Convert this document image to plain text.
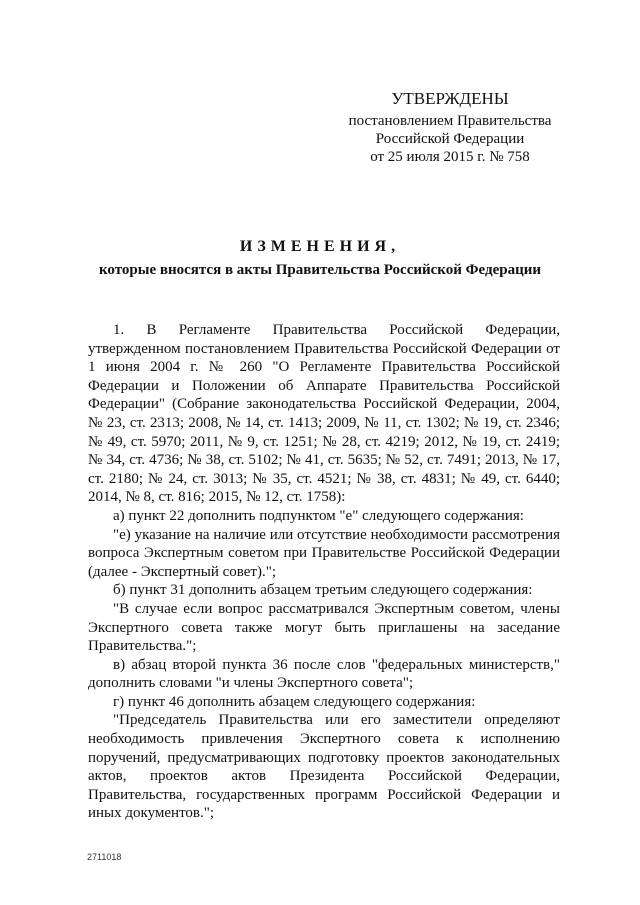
УТВЕРЖДЕНЫ
постановлением Правительства
Российской Федерации
от 25 июля 2015 г. № 758
ИЗМЕНЕНИЯ,
которые вносятся в акты Правительства Российской Федерации

1. В Регламенте Правительства Российской Федерации, утвержденном постановлением Правительства Российской Федерации от 1 июня 2004 г. № 260 "О Регламенте Правительства Российской Федерации и Положении об Аппарате Правительства Российской Федерации" (Собрание законодательства Российской Федерации, 2004, № 23, ст. 2313; 2008, № 14, ст. 1413; 2009, № 11, ст. 1302; № 19, ст. 2346; № 49, ст. 5970; 2011, № 9, ст. 1251; № 28, ст. 4219; 2012, № 19, ст. 2419; № 34, ст. 4736; № 38, ст. 5102; № 41, ст. 5635; № 52, ст. 7491; 2013, № 17, ст. 2180; № 24, ст. 3013; № 35, ст. 4521; № 38, ст. 4831; № 49, ст. 6440; 2014, № 8, ст. 816; 2015, № 12, ст. 1758):

а) пункт 22 дополнить подпунктом "е" следующего содержания:

"е) указание на наличие или отсутствие необходимости рассмотрения вопроса Экспертным советом при Правительстве Российской Федерации (далее - Экспертный совет).";

б) пункт 31 дополнить абзацем третьим следующего содержания:

"В случае если вопрос рассматривался Экспертным советом, члены Экспертного совета также могут быть приглашены на заседание Правительства.";

в) абзац второй пункта 36 после слов "федеральных министерств," дополнить словами "и члены Экспертного совета";

г) пункт 46 дополнить абзацем следующего содержания:

"Председатель Правительства или его заместители определяют необходимость привлечения Экспертного совета к исполнению поручений, предусматривающих подготовку проектов законодательных актов, проектов актов Президента Российской Федерации, Правительства, государственных программ Российской Федерации и иных документов.";

2711018
